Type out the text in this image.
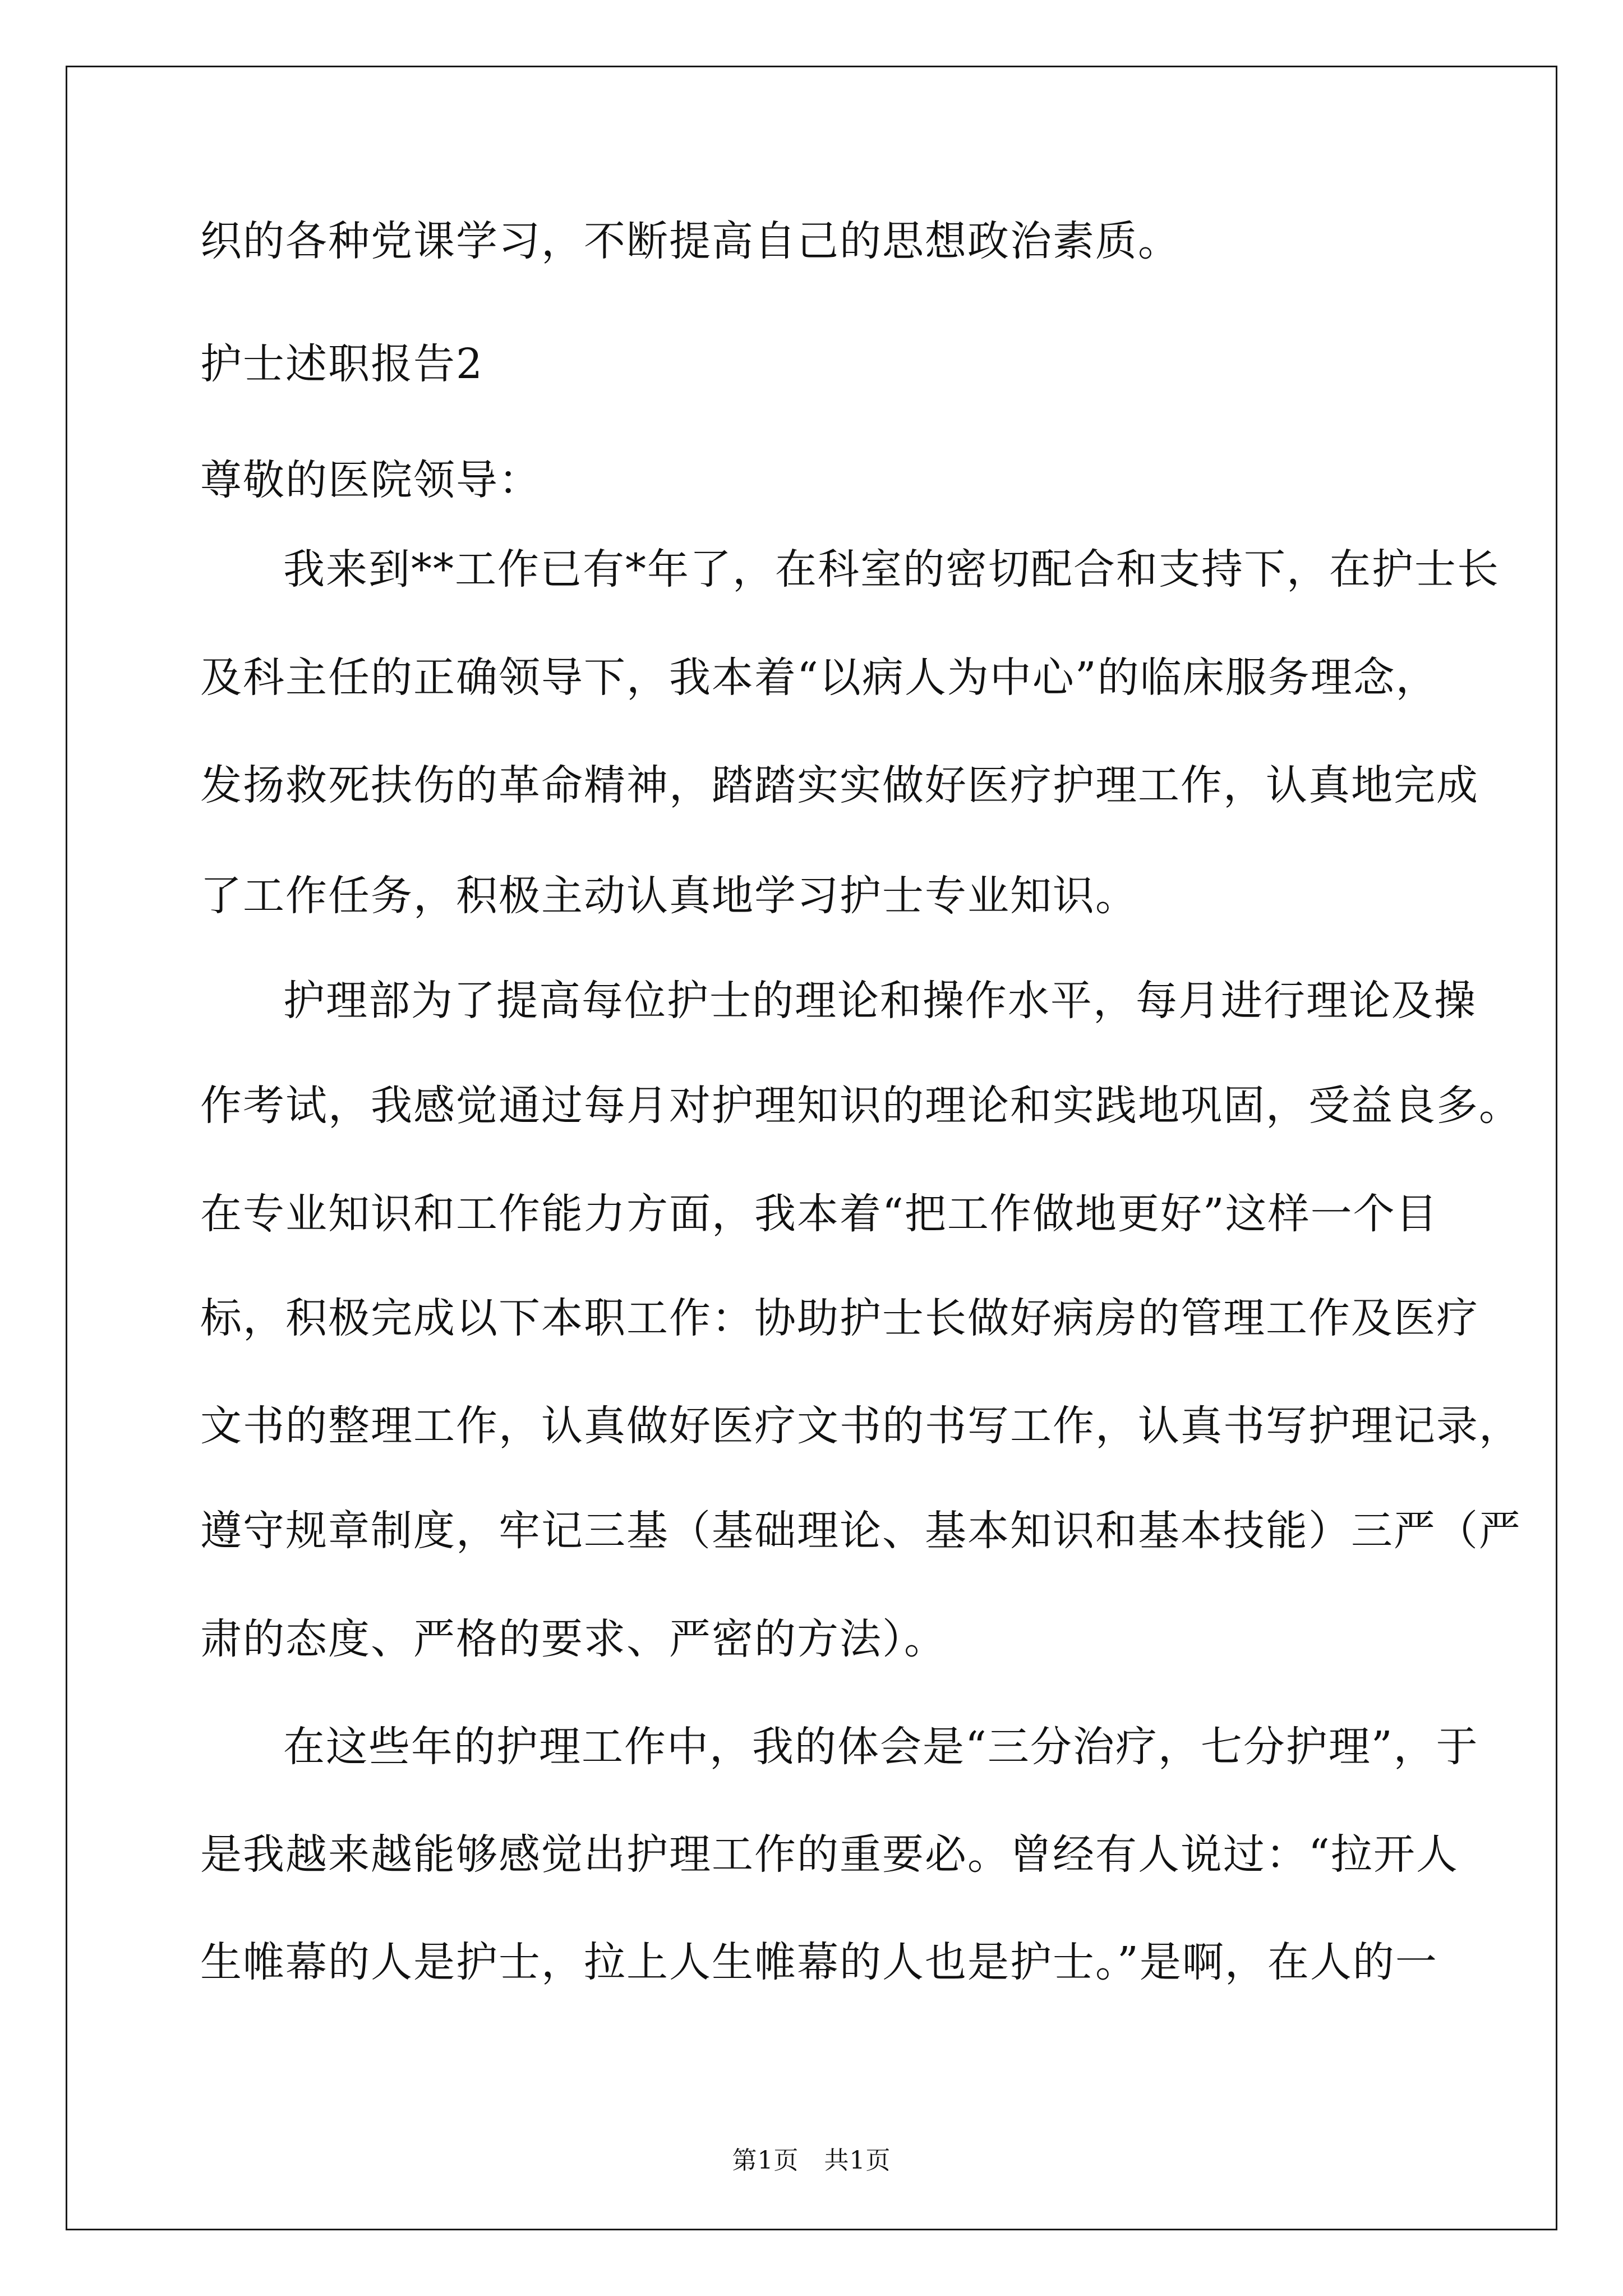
织的各种党课学习，不断提高自己的思想政治素质。
护士述职报告2
尊敬的医院领导：
我来到**工作已有*年了，在科室的密切配合和支持下，在护士长
及科主任的正确领导下，我本着“以病人为中心”的临床服务理念，
发扬救死扶伤的革命精神，踏踏实实做好医疗护理工作，认真地完成
了工作任务，积极主动认真地学习护士专业知识。
护理部为了提高每位护士的理论和操作水平，每月进行理论及操
作考试，我感觉通过每月对护理知识的理论和实践地巩固，受益良多。
在专业知识和工作能力方面，我本着“把工作做地更好”这样一个目
标，积极完成以下本职工作：协助护士长做好病房的管理工作及医疗
文书的整理工作，认真做好医疗文书的书写工作，认真书写护理记录，
遵守规章制度，牢记三基（基础理论、基本知识和基本技能）三严（严
肃的态度、严格的要求、严密的方法）。
在这些年的护理工作中，我的体会是“三分治疗，七分护理”，于
是我越来越能够感觉出护理工作的重要必。曾经有人说过：“拉开人
生帷幕的人是护士，拉上人生帷幕的人也是护士。”是啊，在人的一
第1页　共1页
